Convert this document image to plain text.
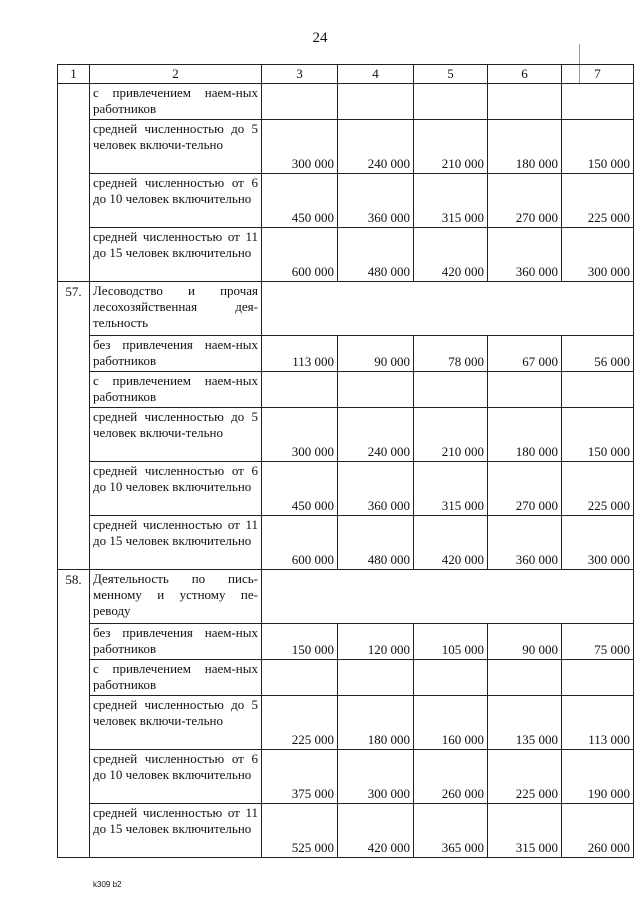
24
1	2	3	4	5	6	7
	с привлечением наем-ных работников					
	средней численностью до 5 человек включи-тельно	300 000	240 000	210 000	180 000	150 000
	средней численностью от 6 до 10 человек включительно	450 000	360 000	315 000	270 000	225 000
	средней численностью от 11 до 15 человек включительно	600 000	480 000	420 000	360 000	300 000
57.	Лесоводство и прочая лесохозяйственная дея-тельность					
	без привлечения наем-ных работников	113 000	90 000	78 000	67 000	56 000
	с привлечением наем-ных работников					
	средней численностью до 5 человек включи-тельно	300 000	240 000	210 000	180 000	150 000
	средней численностью от 6 до 10 человек включительно	450 000	360 000	315 000	270 000	225 000
	средней численностью от 11 до 15 человек включительно	600 000	480 000	420 000	360 000	300 000
58.	Деятельность по пись-менному и устному пе-реводу					
	без привлечения наем-ных работников	150 000	120 000	105 000	90 000	75 000
	с привлечением наем-ных работников					
	средней численностью до 5 человек включи-тельно	225 000	180 000	160 000	135 000	113 000
	средней численностью от 6 до 10 человек включительно	375 000	300 000	260 000	225 000	190 000
	средней численностью от 11 до 15 человек включительно	525 000	420 000	365 000	315 000	260 000
k309 b2
